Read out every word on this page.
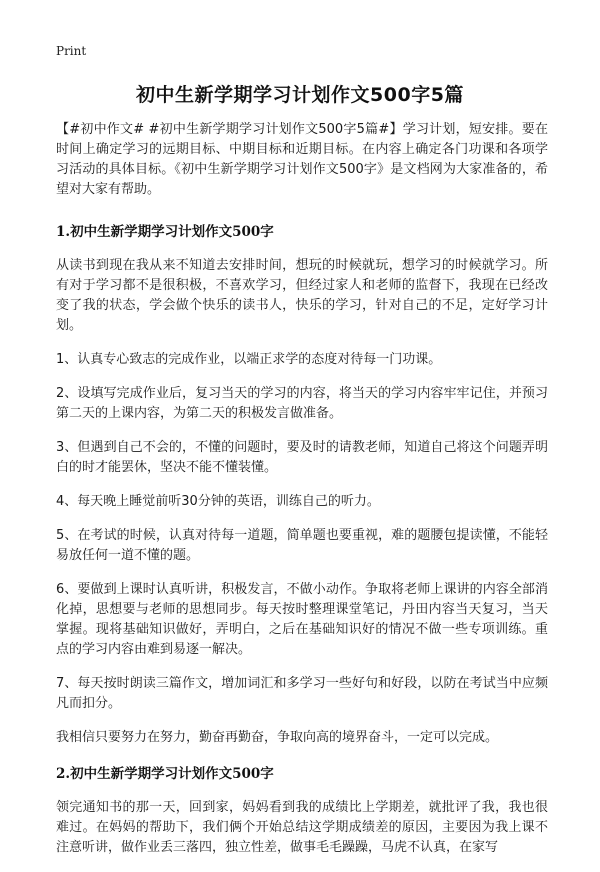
Print
初中生新学期学习计划作文500字5篇

【#初中作文# #初中生新学期学习计划作文500字5篇#】学习计划，短安排。要在时间上确定学习的远期目标、中期目标和近期目标。在内容上确定各门功课和各项学习活动的具体目标。《初中生新学期学习计划作文500字》是文档网为大家准备的，希望对大家有帮助。

1.初中生新学期学习计划作文500字

从读书到现在我从来不知道去安排时间，想玩的时候就玩，想学习的时候就学习。所有对于学习都不是很积极，不喜欢学习，但经过家人和老师的监督下，我现在已经改变了我的状态，学会做个快乐的读书人，快乐的学习，针对自己的不足，定好学习计划。

1、认真专心致志的完成作业，以端正求学的态度对待每一门功课。

2、设填写完成作业后，复习当天的学习的内容，将当天的学习内容牢牢记住，并预习第二天的上课内容，为第二天的积极发言做准备。

3、但遇到自己不会的，不懂的问题时，要及时的请教老师，知道自己将这个问题弄明白的时才能罢休，坚决不能不懂装懂。

4、每天晚上睡觉前听30分钟的英语，训练自己的听力。

5、在考试的时候，认真对待每一道题，简单题也要重视，难的题腰包提读懂，不能轻易放任何一道不懂的题。

6、要做到上课时认真听讲，积极发言，不做小动作。争取将老师上课讲的内容全部消化掉，思想要与老师的思想同步。每天按时整理课堂笔记，丹田内容当天复习，当天掌握。现将基础知识做好，弄明白，之后在基础知识好的情况不做一些专项训练。重点的学习内容由难到易逐一解决。

7、每天按时朗读三篇作文，增加词汇和多学习一些好句和好段，以防在考试当中应频凡而扣分。

我相信只要努力在努力，勤奋再勤奋，争取向高的境界奋斗，一定可以完成。

2.初中生新学期学习计划作文500字

领完通知书的那一天，回到家，妈妈看到我的成绩比上学期差，就批评了我，我也很难过。在妈妈的帮助下，我们俩个开始总结这学期成绩差的原因，主要因为我上课不注意听讲，做作业丢三落四，独立性差，做事毛毛躁躁，马虎不认真，在家写
